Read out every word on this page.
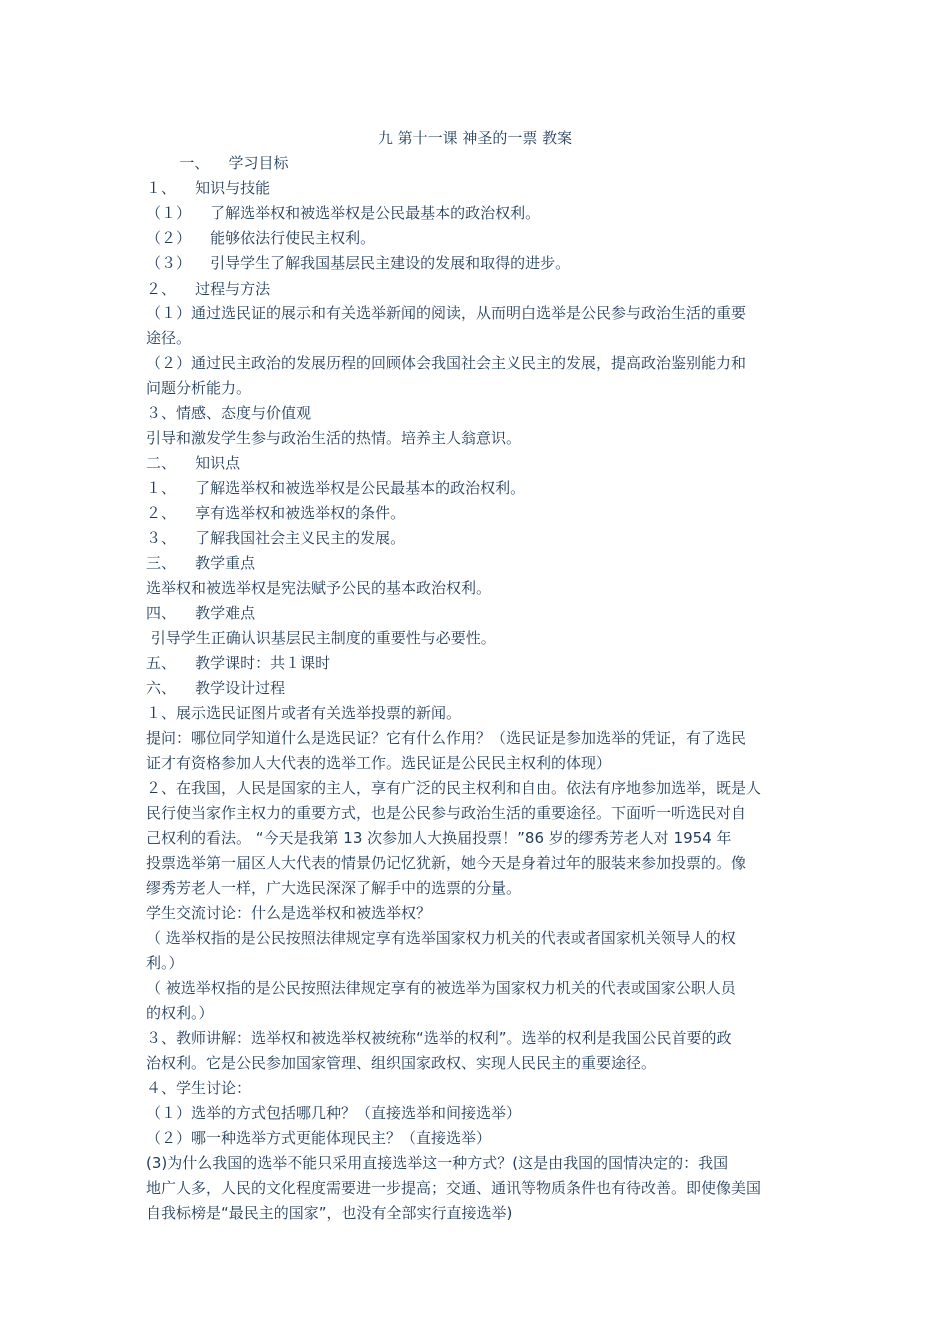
九 第十一课 神圣的一票 教案
一、    学习目标
１、    知识与技能
（１）    了解选举权和被选举权是公民最基本的政治权利。
（２）    能够依法行使民主权利。
（３）    引导学生了解我国基层民主建设的发展和取得的进步。
２、    过程与方法
（１）通过选民证的展示和有关选举新闻的阅读，从而明白选举是公民参与政治生活的重要
途径。
（２）通过民主政治的发展历程的回顾体会我国社会主义民主的发展，提高政治鉴别能力和
问题分析能力。
３、情感、态度与价值观
引导和激发学生参与政治生活的热情。培养主人翁意识。
二、    知识点
１、    了解选举权和被选举权是公民最基本的政治权利。
２、    享有选举权和被选举权的条件。
３、    了解我国社会主义民主的发展。
三、    教学重点
选举权和被选举权是宪法赋予公民的基本政治权利。
四、    教学难点
引导学生正确认识基层民主制度的重要性与必要性。
五、    教学课时：共１课时
六、    教学设计过程
１、展示选民证图片或者有关选举投票的新闻。
提问：哪位同学知道什么是选民证？它有什么作用？（选民证是参加选举的凭证，有了选民
证才有资格参加人大代表的选举工作。选民证是公民民主权利的体现）
２、在我国，人民是国家的主人，享有广泛的民主权利和自由。依法有序地参加选举，既是人
民行使当家作主权力的重要方式，也是公民参与政治生活的重要途径。下面听一听选民对自
己权利的看法。 “今天是我第 13 次参加人大换届投票！”86 岁的缪秀芳老人对 1954 年
投票选举第一届区人大代表的情景仍记忆犹新，她今天是身着过年的服装来参加投票的。像
缪秀芳老人一样，广大选民深深了解手中的选票的分量。
学生交流讨论：什么是选举权和被选举权？
（ 选举权指的是公民按照法律规定享有选举国家权力机关的代表或者国家机关领导人的权
利。）
（ 被选举权指的是公民按照法律规定享有的被选举为国家权力机关的代表或国家公职人员
的权利。）
３、教师讲解：选举权和被选举权被统称“选举的权利”。选举的权利是我国公民首要的政
治权利。它是公民参加国家管理、组织国家政权、实现人民民主的重要途径。
４、学生讨论：
（１）选举的方式包括哪几种？（直接选举和间接选举）
（２）哪一种选举方式更能体现民主？（直接选举）
(3)为什么我国的选举不能只采用直接选举这一种方式？(这是由我国的国情决定的：我国
地广人多，人民的文化程度需要进一步提高；交通、通讯等物质条件也有待改善。即使像美国
自我标榜是“最民主的国家”，也没有全部实行直接选举)
